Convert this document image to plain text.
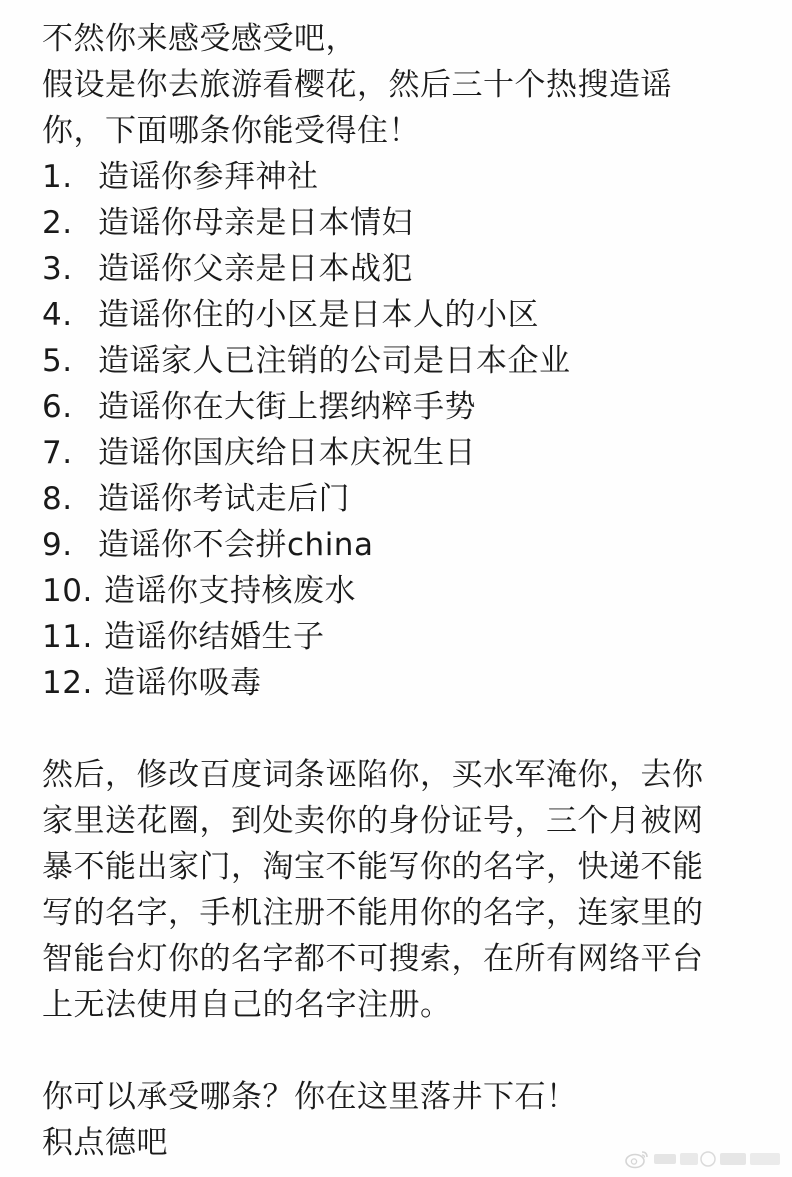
不然你来感受感受吧，
假设是你去旅游看樱花，然后三十个热搜造谣
你，下面哪条你能受得住！
1. 造谣你参拜神社
2. 造谣你母亲是日本情妇
3. 造谣你父亲是日本战犯
4. 造谣你住的小区是日本人的小区
5. 造谣家人已注销的公司是日本企业
6. 造谣你在大街上摆纳粹手势
7. 造谣你国庆给日本庆祝生日
8. 造谣你考试走后门
9. 造谣你不会拼china
10. 造谣你支持核废水
11. 造谣你结婚生子
12. 造谣你吸毒
然后，修改百度词条诬陷你，买水军淹你，去你
家里送花圈，到处卖你的身份证号，三个月被网
暴不能出家门，淘宝不能写你的名字，快递不能
写的名字，手机注册不能用你的名字，连家里的
智能台灯你的名字都不可搜索，在所有网络平台
上无法使用自己的名字注册。
你可以承受哪条？你在这里落井下石！
积点德吧
